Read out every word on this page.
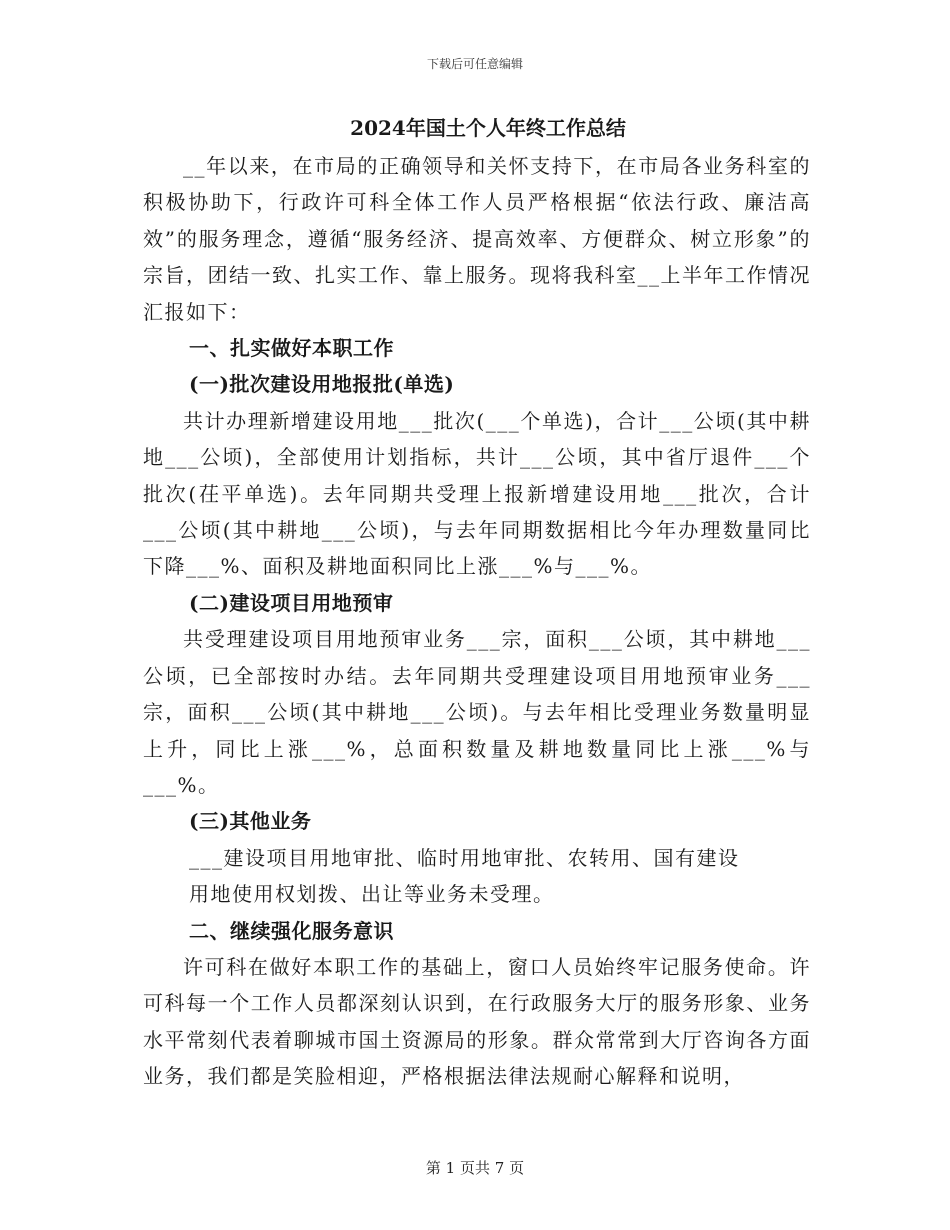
下载后可任意编辑
2024年国土个人年终工作总结

__年以来，在市局的正确领导和关怀支持下，在市局各业务科室的积极协助下，行政许可科全体工作人员严格根据“依法行政、廉洁高效”的服务理念，遵循“服务经济、提高效率、方便群众、树立形象”的宗旨，团结一致、扎实工作、靠上服务。现将我科室__上半年工作情况汇报如下：

一、扎实做好本职工作

(一)批次建设用地报批(单选)

共计办理新增建设用地___批次(___个单选)，合计___公顷(其中耕地___公顷)，全部使用计划指标，共计___公顷，其中省厅退件___个批次(茌平单选)。去年同期共受理上报新增建设用地___批次，合计___公顷(其中耕地___公顷)，与去年同期数据相比今年办理数量同比下降___%、面积及耕地面积同比上涨___%与___%。

(二)建设项目用地预审

共受理建设项目用地预审业务___宗，面积___公顷，其中耕地___公顷，已全部按时办结。去年同期共受理建设项目用地预审业务___宗，面积___公顷(其中耕地___公顷)。与去年相比受理业务数量明显上升，同比上涨___%，总面积数量及耕地数量同比上涨___%与___%。

(三)其他业务

___建设项目用地审批、临时用地审批、农转用、国有建设

用地使用权划拨、出让等业务未受理。

二、继续强化服务意识

许可科在做好本职工作的基础上，窗口人员始终牢记服务使命。许可科每一个工作人员都深刻认识到，在行政服务大厅的服务形象、业务水平常刻代表着聊城市国土资源局的形象。群众常常到大厅咨询各方面业务，我们都是笑脸相迎，严格根据法律法规耐心解释和说明，

第 1 页共 7 页
